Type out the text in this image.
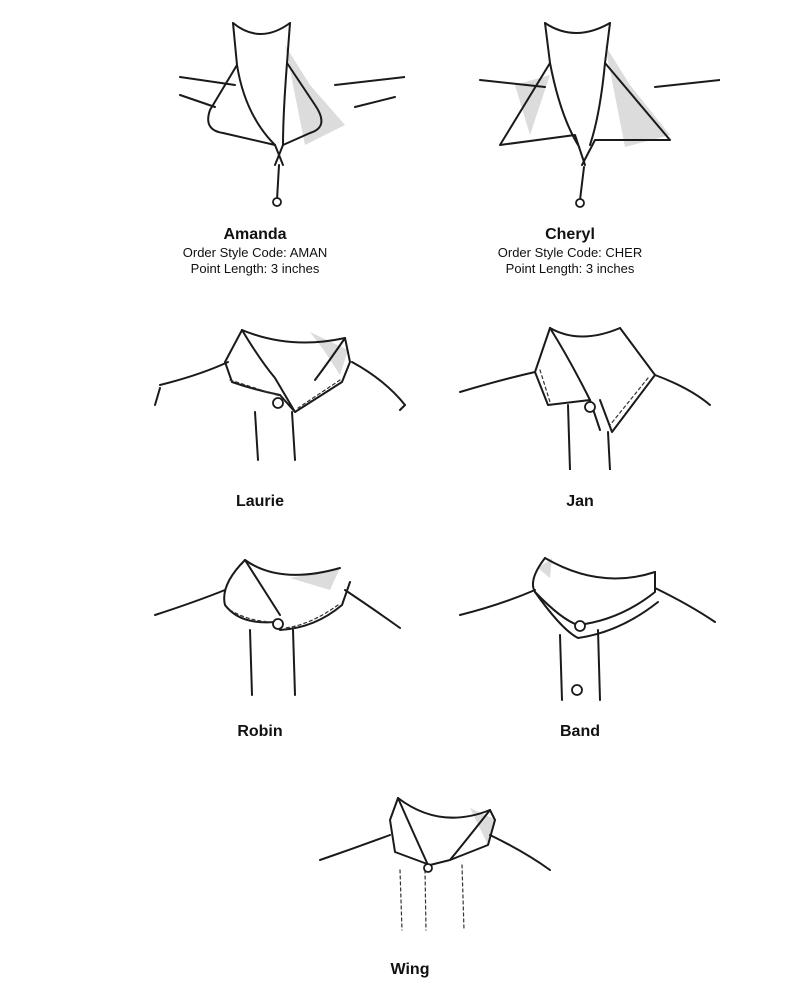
Amanda
Order Style Code: AMAN
Point Length: 3 inches
Cheryl
Order Style Code: CHER
Point Length: 3 inches
Laurie	Jan
Robin	Band
Wing
